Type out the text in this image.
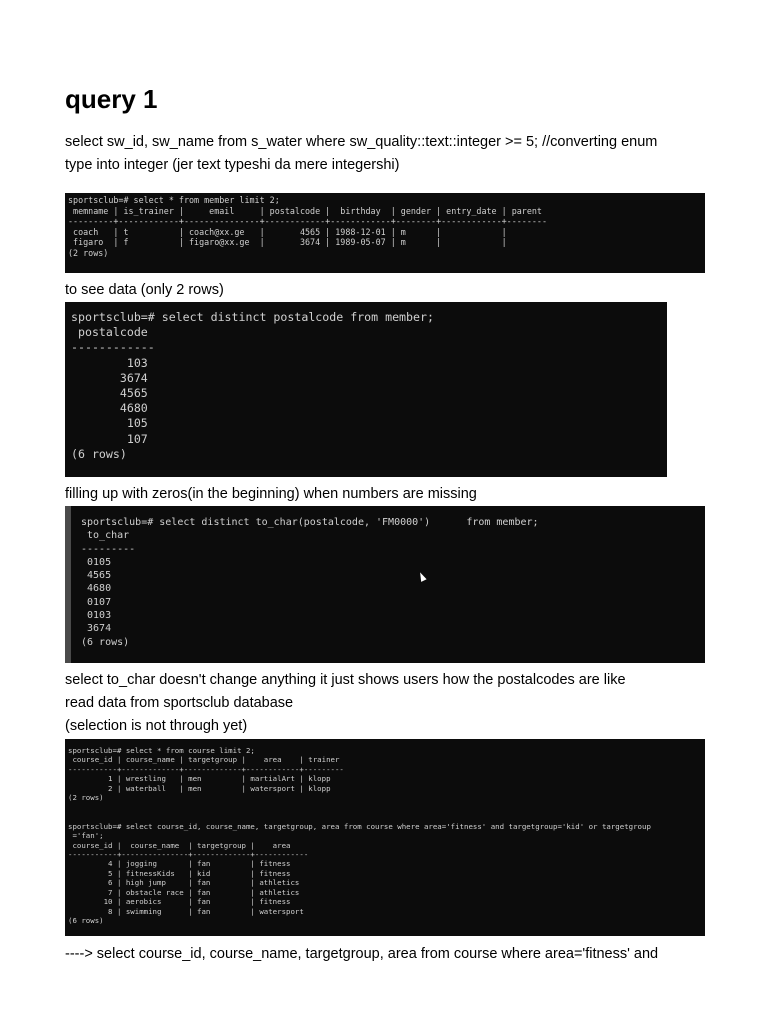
query 1

select sw_id, sw_name from s_water where sw_quality::text::integer >= 5; //converting enum

type into integer (jer text typeshi da mere integershi)

sportsclub=# select * from member limit 2;
memname | is_trainer |     email     | postalcode |  birthday  | gender | entry_date | parent
---------+------------+---------------+------------+------------+--------+------------+--------
coach   | t          | coach@xx.ge   |       4565 | 1988-12-01 | m      |            |
figaro  | f          | figaro@xx.ge  |       3674 | 1989-05-07 | m      |            |
(2 rows)

to see data (only 2 rows)

sportsclub=# select distinct postalcode from member;
postalcode
------------
103
3674
4565
4680
105
107
(6 rows)

filling up with zeros(in the beginning) when numbers are missing

sportsclub=# select distinct to_char(postalcode, 'FM0000')      from member;
to_char
---------
0105
4565
4680
0107
0103
3674
(6 rows)

select to_char doesn't change anything it just shows users how the postalcodes are like

read data from sportsclub database

(selection is not through yet)

sportsclub=# select * from course limit 2;
course_id | course_name | targetgroup |    area    | trainer
-----------+-------------+-------------+------------+---------
1 | wrestling   | men         | martialArt | klopp
2 | waterball   | men         | watersport | klopp
(2 rows)

sportsclub=# select course_id, course_name, targetgroup, area from course where area='fitness' and targetgroup='kid' or targetgroup
='fan';
course_id |  course_name  | targetgroup |    area
-----------+---------------+-------------+------------
4 | jogging       | fan         | fitness
5 | fitnessKids   | kid         | fitness
6 | high jump     | fan         | athletics
7 | obstacle race | fan         | athletics
10 | aerobics      | fan         | fitness
8 | swimming      | fan         | watersport
(6 rows)

----> select course_id, course_name, targetgroup, area from course where area='fitness' and
